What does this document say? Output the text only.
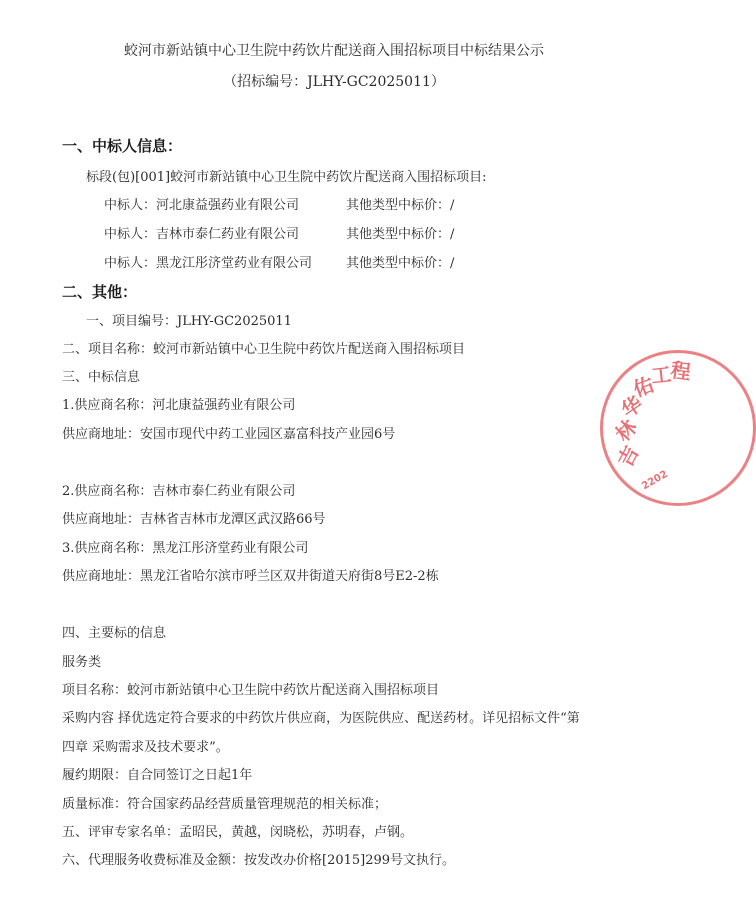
蛟河市新站镇中心卫生院中药饮片配送商入围招标项目中标结果公示
（招标编号：JLHY-GC2025011）
一、中标人信息：
标段(包)[001]蛟河市新站镇中心卫生院中药饮片配送商入围招标项目:
中标人：河北康益强药业有限公司	其他类型中标价：/
中标人：吉林市泰仁药业有限公司	其他类型中标价：/
中标人：黑龙江彤济堂药业有限公司	其他类型中标价：/
二、其他：
一、项目编号：JLHY-GC2025011
二、项目名称：蛟河市新站镇中心卫生院中药饮片配送商入围招标项目
三、中标信息
1.供应商名称：河北康益强药业有限公司
供应商地址：安国市现代中药工业园区嘉富科技产业园6号
2.供应商名称：吉林市泰仁药业有限公司
供应商地址：吉林省吉林市龙潭区武汉路66号
3.供应商名称：黑龙江彤济堂药业有限公司
供应商地址：黑龙江省哈尔滨市呼兰区双井街道天府街8号E2-2栋
四、主要标的信息
服务类
项目名称：蛟河市新站镇中心卫生院中药饮片配送商入围招标项目
采购内容 择优选定符合要求的中药饮片供应商，为医院供应、配送药材。详见招标文件“第
四章 采购需求及技术要求”。
履约期限：自合同签订之日起1年
质量标准：符合国家药品经营质量管理规范的相关标准；
五、评审专家名单：孟昭民，黄越，闵晓松，苏明春，卢钢。
六、代理服务收费标准及金额：按发改办价格[2015]299号文执行。
吉
林
华
佑
工
程
2202
